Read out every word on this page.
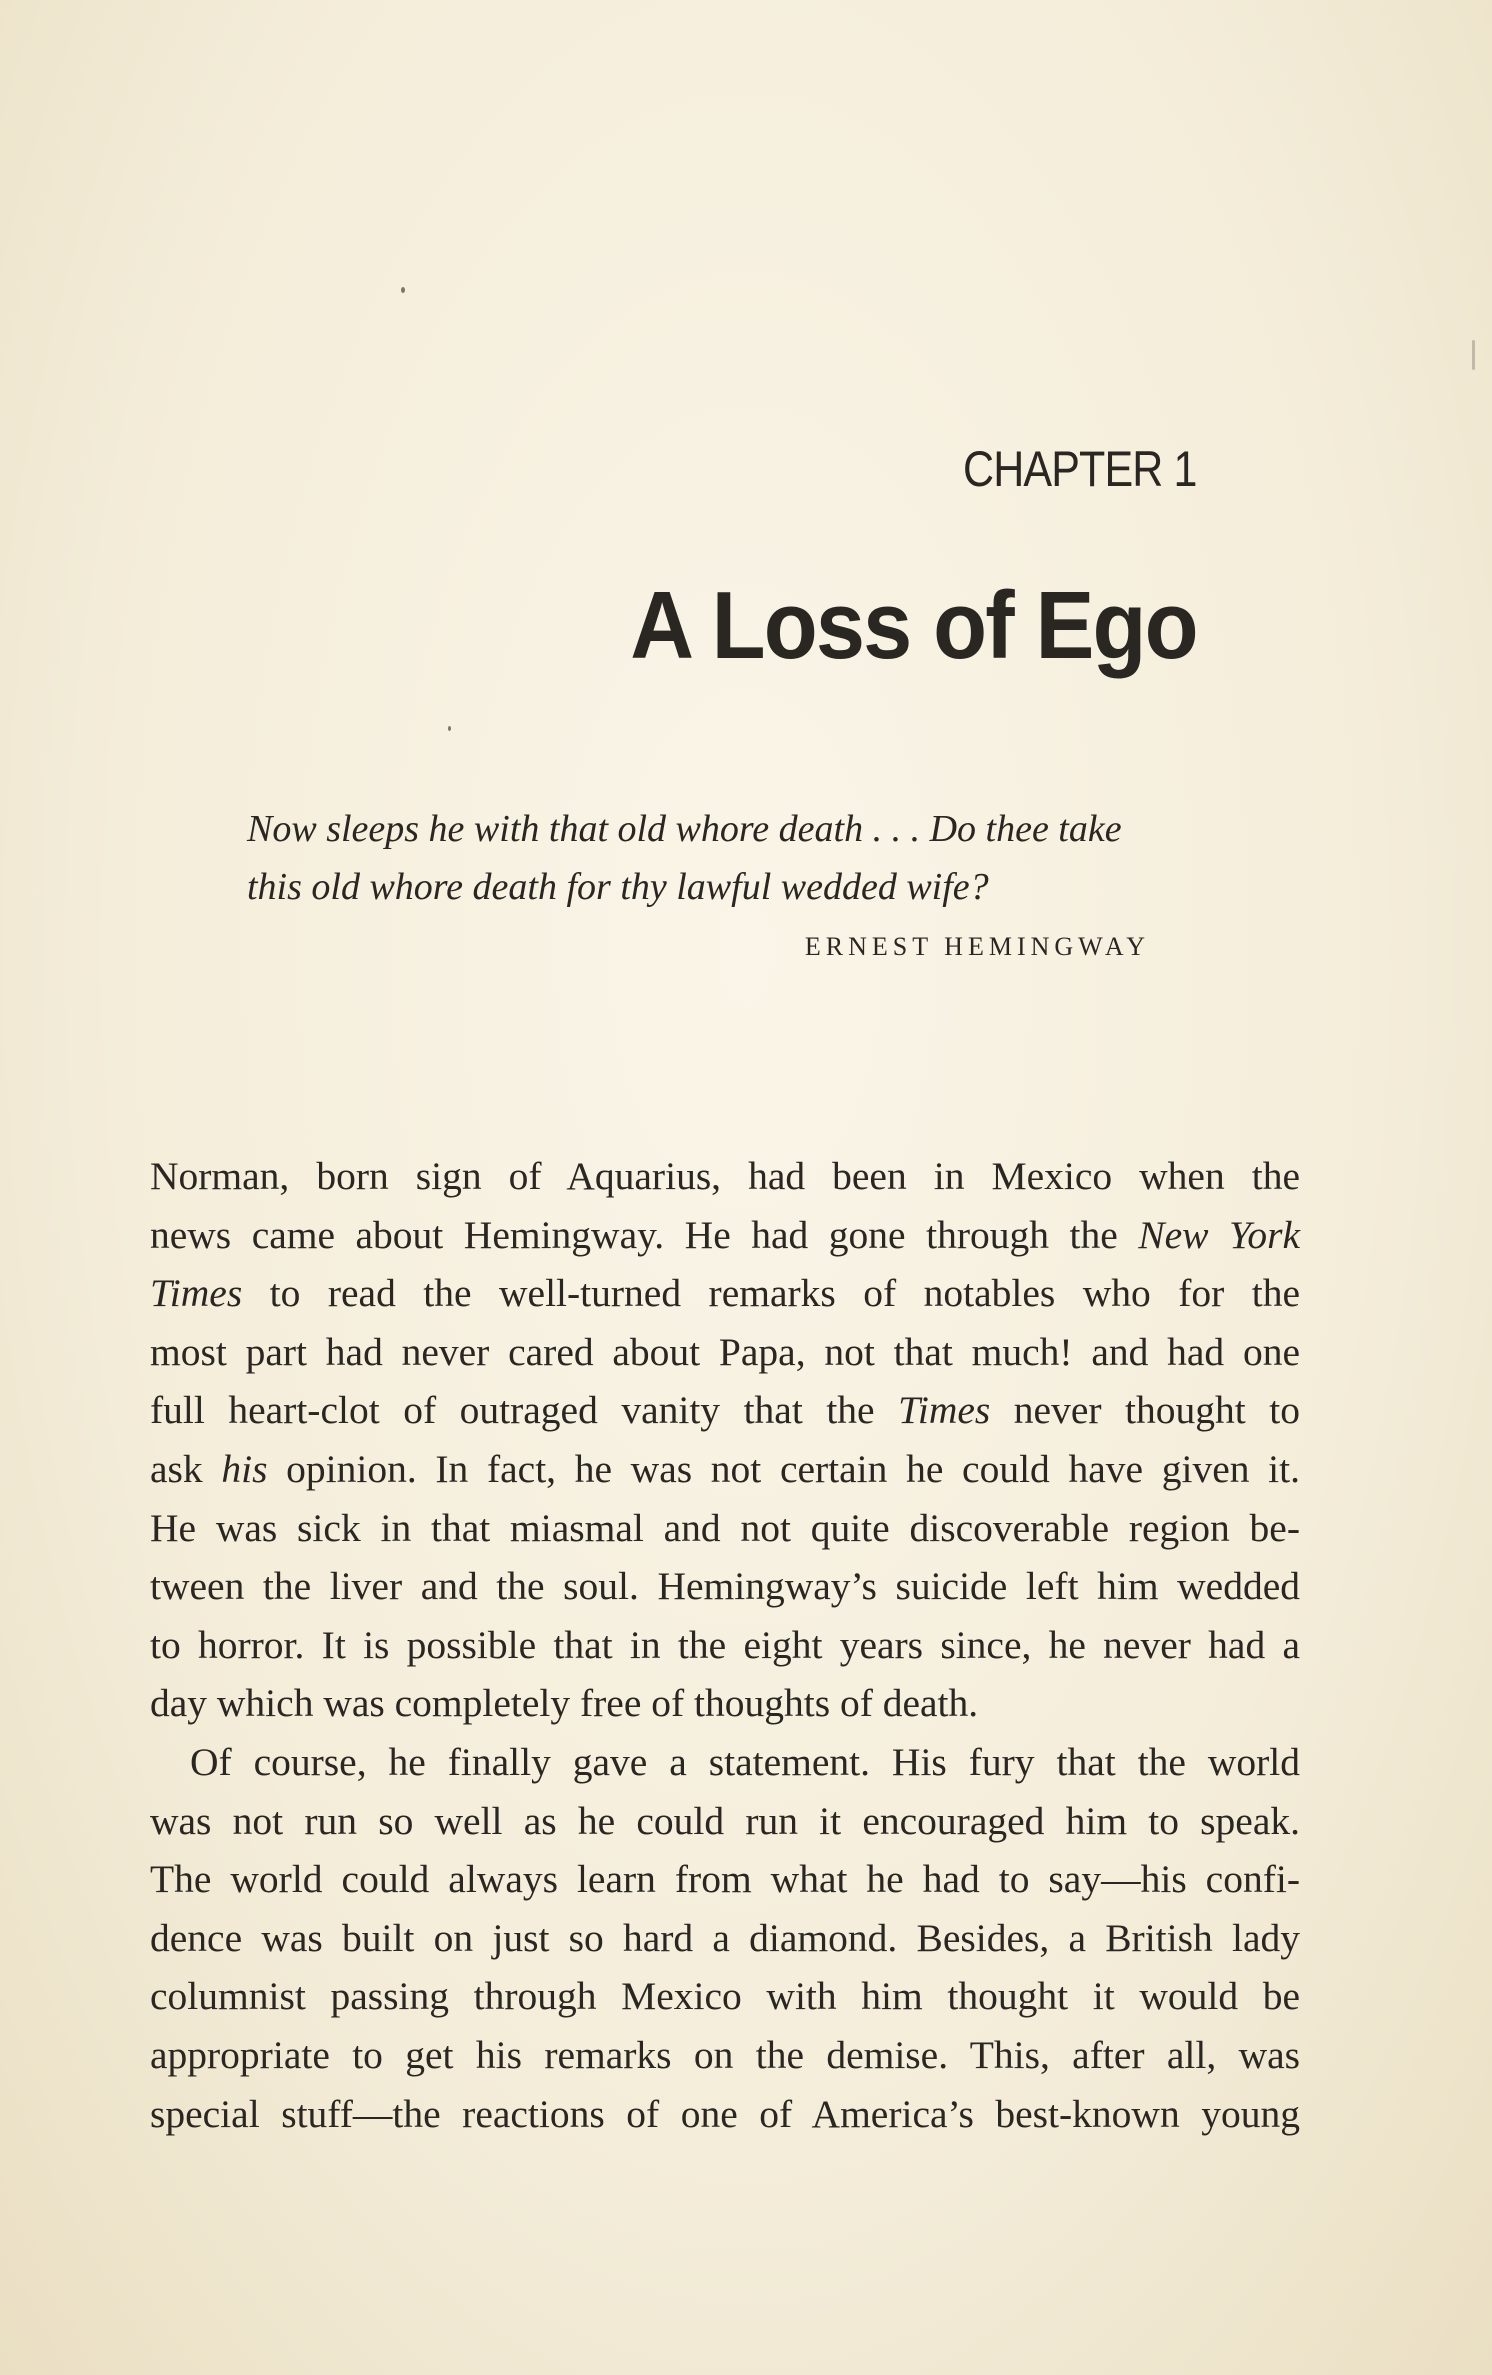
CHAPTER 1
A Loss of Ego
Now sleeps he with that old whore death . . . Do thee take
this old whore death for thy lawful wedded wife?
ERNEST HEMINGWAY
Norman, born sign of Aquarius, had been in Mexico when the
news came about Hemingway. He had gone through the New York
Times to read the well-turned remarks of notables who for the
most part had never cared about Papa, not that much! and had one
full heart-clot of outraged vanity that the Times never thought to
ask his opinion. In fact, he was not certain he could have given it.
He was sick in that miasmal and not quite discoverable region be-
tween the liver and the soul. Hemingway’s suicide left him wedded
to horror. It is possible that in the eight years since, he never had a
day which was completely free of thoughts of death.
Of course, he finally gave a statement. His fury that the world
was not run so well as he could run it encouraged him to speak.
The world could always learn from what he had to say—his confi-
dence was built on just so hard a diamond. Besides, a British lady
columnist passing through Mexico with him thought it would be
appropriate to get his remarks on the demise. This, after all, was
special stuff—the reactions of one of America’s best-known young
